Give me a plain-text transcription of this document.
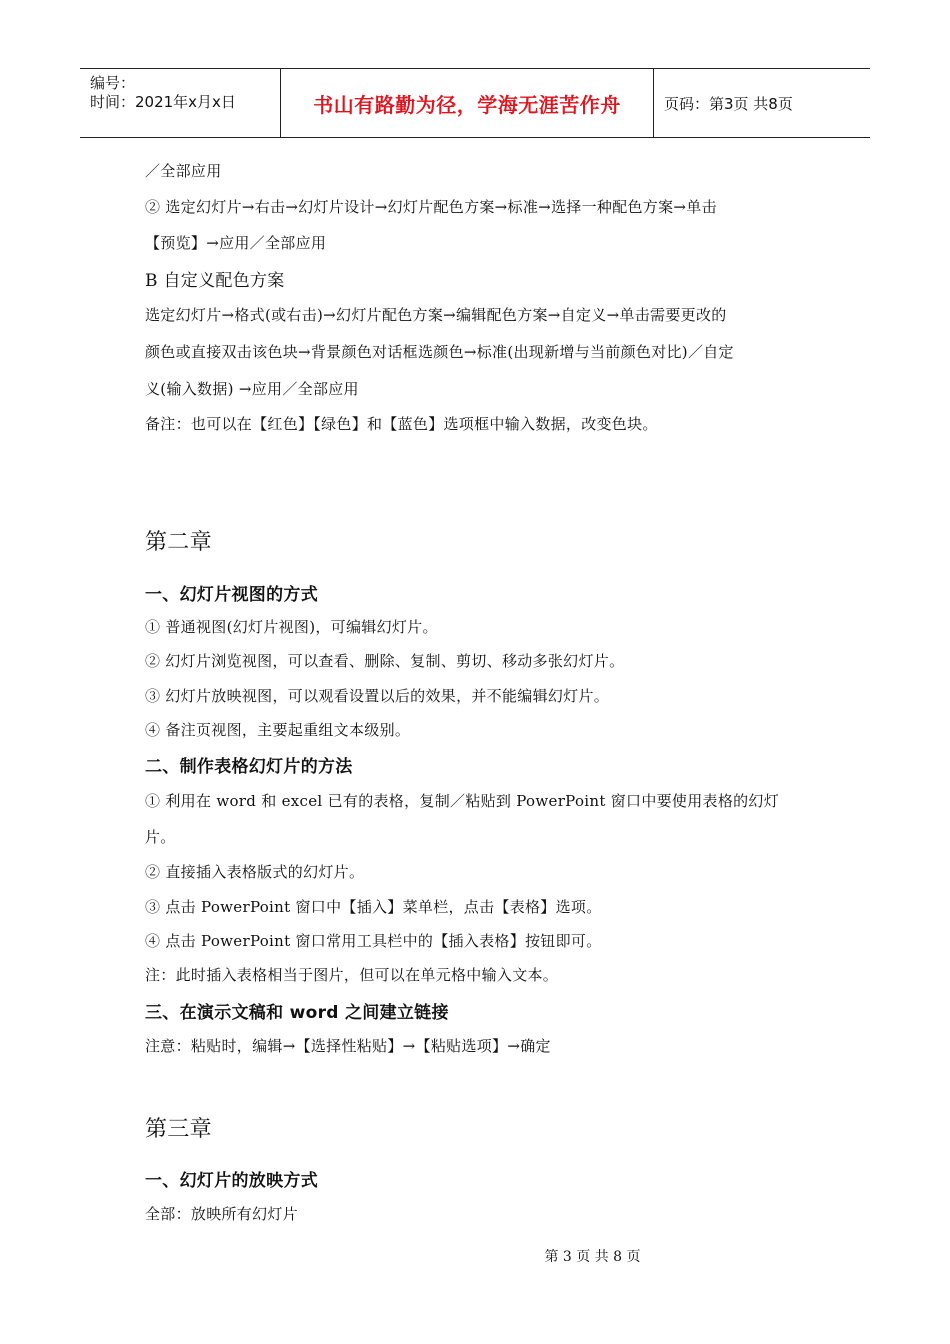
编号：
时间：2021年x月x日	书山有路勤为径，学海无涯苦作舟	页码：第3页 共8页
／全部应用
② 选定幻灯片→右击→幻灯片设计→幻灯片配色方案→标准→选择一种配色方案→单击
【预览】→应用／全部应用
B 自定义配色方案
选定幻灯片→格式(或右击)→幻灯片配色方案→编辑配色方案→自定义→单击需要更改的
颜色或直接双击该色块→背景颜色对话框选颜色→标准(出现新增与当前颜色对比)／自定
义(输入数据) →应用／全部应用
备注：也可以在【红色】【绿色】和【蓝色】选项框中输入数据，改变色块。
第二章
一、幻灯片视图的方式
① 普通视图(幻灯片视图)，可编辑幻灯片。
② 幻灯片浏览视图，可以查看、删除、复制、剪切、移动多张幻灯片。
③ 幻灯片放映视图，可以观看设置以后的效果，并不能编辑幻灯片。
④ 备注页视图，主要起重组文本级别。
二、制作表格幻灯片的方法
① 利用在 word 和 excel 已有的表格，复制／粘贴到 PowerPoint 窗口中要使用表格的幻灯
片。
② 直接插入表格版式的幻灯片。
③ 点击 PowerPoint 窗口中【插入】菜单栏，点击【表格】选项。
④ 点击 PowerPoint 窗口常用工具栏中的【插入表格】按钮即可。
注：此时插入表格相当于图片，但可以在单元格中输入文本。
三、在演示文稿和 word 之间建立链接
注意：粘贴时，编辑→【选择性粘贴】→【粘贴选项】→确定
第三章
一、幻灯片的放映方式
全部：放映所有幻灯片
第 3 页 共 8 页
